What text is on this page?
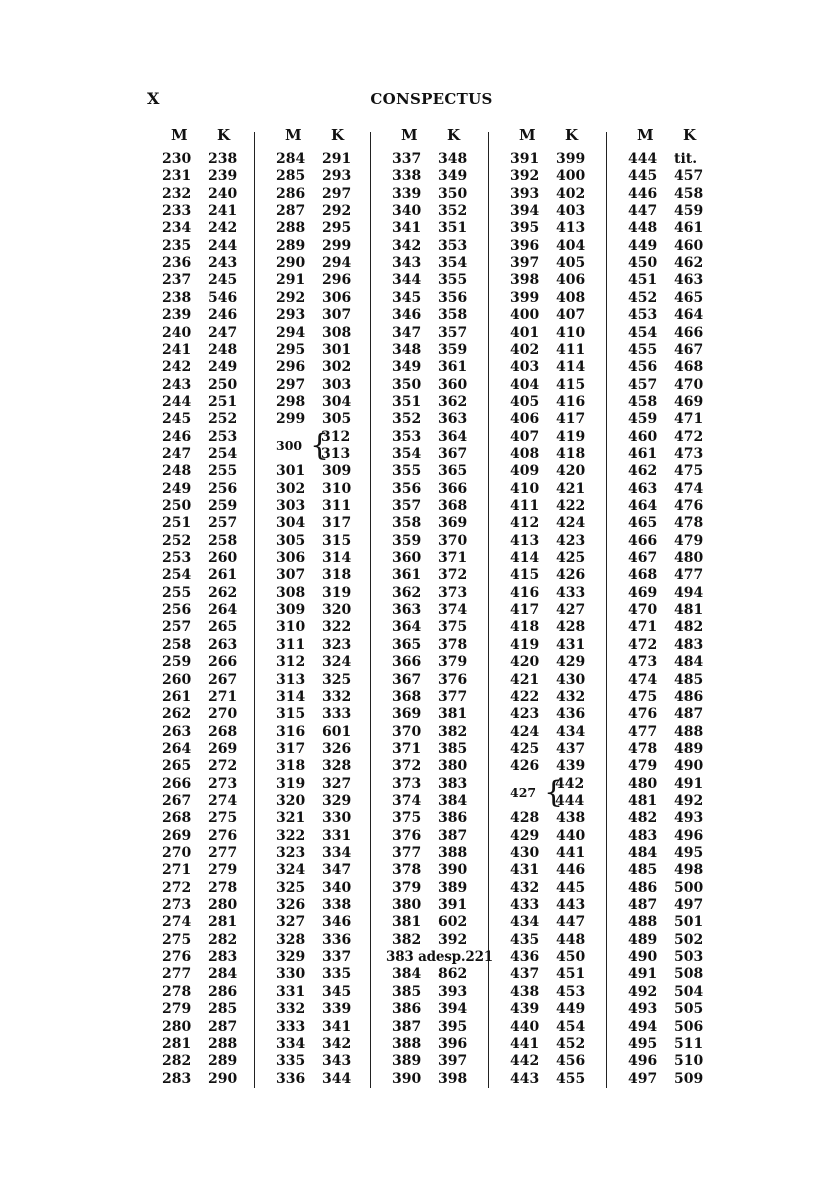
X	CONSPECTUS
M K
230 238
231 239
232 240
233 241
234 242
235 244
236 243
237 245
238 546
239 246
240 247
241 248
242 249
243 250
244 251
245 252
246 253
247 254
248 255
249 256
250 259
251 257
252 258
253 260
254 261
255 262
256 264
257 265
258 263
259 266
260 267
261 271
262 270
263 268
264 269
265 272
266 273
267 274
268 275
269 276
270 277
271 279
272 278
273 280
274 281
275 282
276 283
277 284
278 286
279 285
280 287
281 288
282 289
283 290
M K
284 291
285 293
286 297
287 292
288 295
289 299
290 294
291 296
292 306
293 307
294 308
295 301
296 302
297 303
298 304
299 305
300 {
312
313
301 309
302 310
303 311
304 317
305 315
306 314
307 318
308 319
309 320
310 322
311 323
312 324
313 325
314 332
315 333
316 601
317 326
318 328
319 327
320 329
321 330
322 331
323 334
324 347
325 340
326 338
327 346
328 336
329 337
330 335
331 345
332 339
333 341
334 342
335 343
336 344
M K
337 348
338 349
339 350
340 352
341 351
342 353
343 354
344 355
345 356
346 358
347 357
348 359
349 361
350 360
351 362
352 363
353 364
354 367
355 365
356 366
357 368
358 369
359 370
360 371
361 372
362 373
363 374
364 375
365 378
366 379
367 376
368 377
369 381
370 382
371 385
372 380
373 383
374 384
375 386
376 387
377 388
378 390
379 389
380 391
381 602
382 392
383 adesp.221
384 862
385 393
386 394
387 395
388 396
389 397
390 398
M K
391 399
392 400
393 402
394 403
395 413
396 404
397 405
398 406
399 408
400 407
401 410
402 411
403 414
404 415
405 416
406 417
407 419
408 418
409 420
410 421
411 422
412 424
413 423
414 425
415 426
416 433
417 427
418 428
419 431
420 429
421 430
422 432
423 436
424 434
425 437
426 439
427 {
442
444
428 438
429 440
430 441
431 446
432 445
433 443
434 447
435 448
436 450
437 451
438 453
439 449
440 454
441 452
442 456
443 455
M K
444 tit.
445 457
446 458
447 459
448 461
449 460
450 462
451 463
452 465
453 464
454 466
455 467
456 468
457 470
458 469
459 471
460 472
461 473
462 475
463 474
464 476
465 478
466 479
467 480
468 477
469 494
470 481
471 482
472 483
473 484
474 485
475 486
476 487
477 488
478 489
479 490
480 491
481 492
482 493
483 496
484 495
485 498
486 500
487 497
488 501
489 502
490 503
491 508
492 504
493 505
494 506
495 511
496 510
497 509
